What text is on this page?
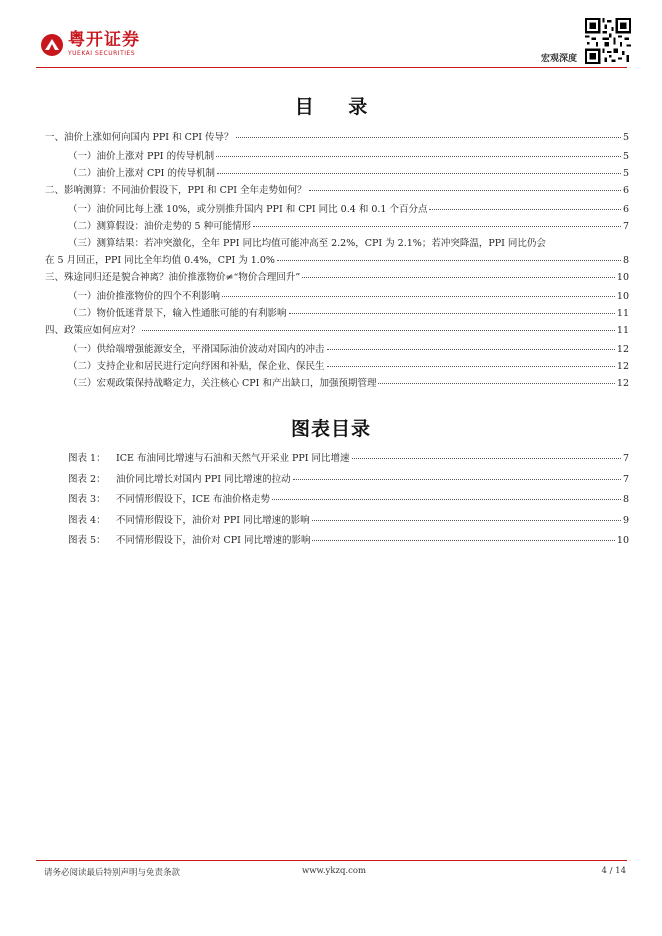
粤开证券
YUEKAI SECURITIES
宏观深度
目 录
一、油价上涨如何向国内 PPI 和 CPI 传导？	5
（一）油价上涨对 PPI 的传导机制	5
（二）油价上涨对 CPI 的传导机制	5
二、影响测算：不同油价假设下，PPI 和 CPI 全年走势如何？	6
（一）油价同比每上涨 10%，或分别推升国内 PPI 和 CPI 同比 0.4 和 0.1 个百分点	6
（二）测算假设：油价走势的 5 种可能情形	7
（三）测算结果：若冲突激化，全年 PPI 同比均值可能冲高至 2.2%，CPI 为 2.1%；若冲突降温，PPI 同比仍会
在 5 月回正，PPI 同比全年均值 0.4%，CPI 为 1.0%	8
三、殊途同归还是貌合神离？油价推涨物价≠“物价合理回升”	10
（一）油价推涨物价的四个不利影响	10
（二）物价低迷背景下，输入性通胀可能的有利影响	11
四、政策应如何应对？	11
（一）供给端增强能源安全，平滑国际油价波动对国内的冲击	12
（二）支持企业和居民进行定向纾困和补贴，保企业、保民生	12
（三）宏观政策保持战略定力，关注核心 CPI 和产出缺口，加强预期管理	12
图表目录
图表 1：	ICE 布油同比增速与石油和天然气开采业 PPI 同比增速	7
图表 2：	油价同比增长对国内 PPI 同比增速的拉动	7
图表 3：	不同情形假设下，ICE 布油价格走势	8
图表 4：	不同情形假设下，油价对 PPI 同比增速的影响	9
图表 5：	不同情形假设下，油价对 CPI 同比增速的影响	10
请务必阅读最后特别声明与免责条款	www.ykzq.com	4 / 14
